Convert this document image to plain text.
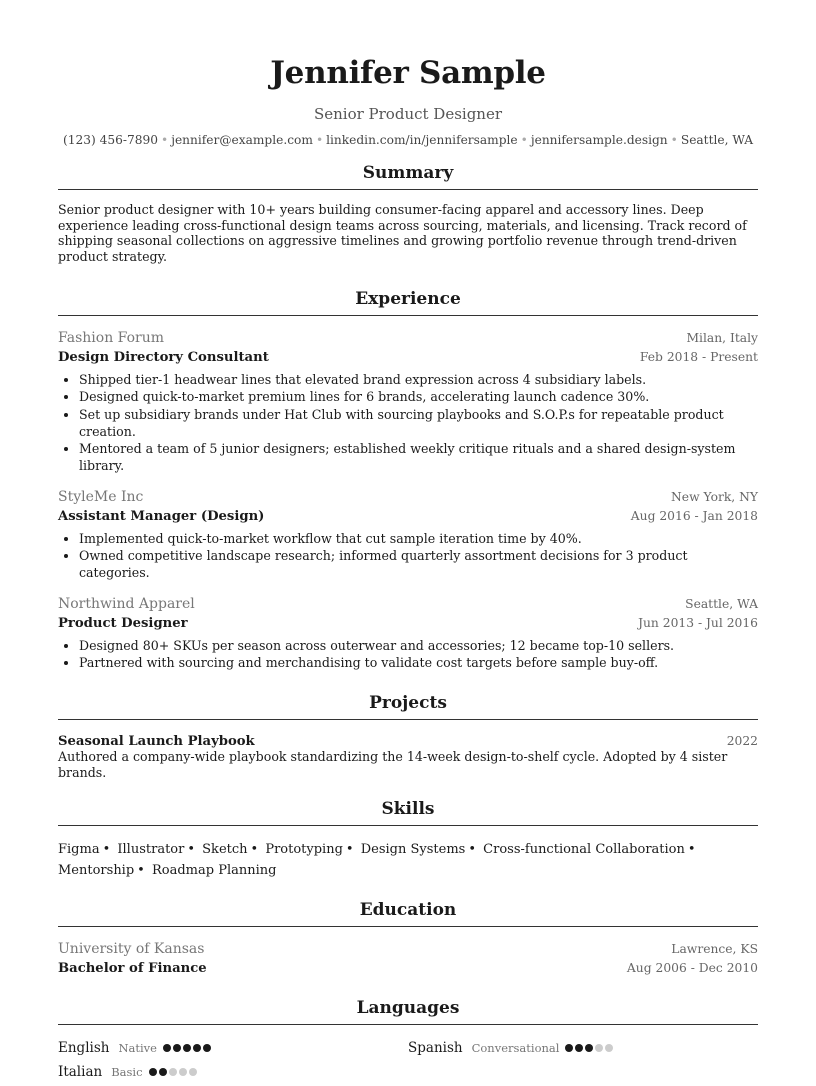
Jennifer Sample
Senior Product Designer
(123) 456-7890 • jennifer@example.com • linkedin.com/in/jennifersample • jennifersample.design • Seattle, WA
Summary
Senior product designer with 10+ years building consumer-facing apparel and accessory lines. Deep experience leading cross-functional design teams across sourcing, materials, and licensing. Track record of shipping seasonal collections on aggressive timelines and growing portfolio revenue through trend-driven product strategy.
Experience
Fashion Forum	Milan, Italy
Design Directory Consultant	Feb 2018 - Present
• Shipped tier-1 headwear lines that elevated brand expression across 4 subsidiary labels.
• Designed quick-to-market premium lines for 6 brands, accelerating launch cadence 30%.
• Set up subsidiary brands under Hat Club with sourcing playbooks and S.O.P.s for repeatable product creation.
• Mentored a team of 5 junior designers; established weekly critique rituals and a shared design-system library.
StyleMe Inc	New York, NY
Assistant Manager (Design)	Aug 2016 - Jan 2018
• Implemented quick-to-market workflow that cut sample iteration time by 40%.
• Owned competitive landscape research; informed quarterly assortment decisions for 3 product categories.
Northwind Apparel	Seattle, WA
Product Designer	Jun 2013 - Jul 2016
• Designed 80+ SKUs per season across outerwear and accessories; 12 became top-10 sellers.
• Partnered with sourcing and merchandising to validate cost targets before sample buy-off.
Projects
Seasonal Launch Playbook	2022
Authored a company-wide playbook standardizing the 14-week design-to-shelf cycle. Adopted by 4 sister brands.
Skills
Figma • Illustrator • Sketch • Prototyping • Design Systems • Cross-functional Collaboration • Mentorship • Roadmap Planning
Education
University of Kansas	Lawrence, KS
Bachelor of Finance	Aug 2006 - Dec 2010
Languages
English Native	Spanish Conversational
Italian Basic
